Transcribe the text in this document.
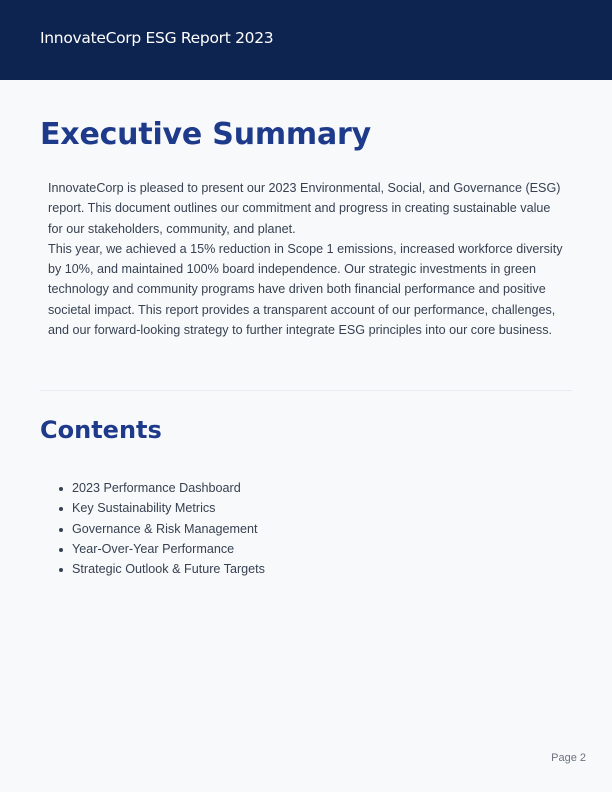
InnovateCorp ESG Report 2023
Executive Summary

InnovateCorp is pleased to present our 2023 Environmental, Social, and Governance (ESG) report. This document outlines our commitment and progress in creating sustainable value for our stakeholders, community, and planet.

This year, we achieved a 15% reduction in Scope 1 emissions, increased workforce diversity by 10%, and maintained 100% board independence. Our strategic investments in green technology and community programs have driven both financial performance and positive societal impact. This report provides a transparent account of our performance, challenges, and our forward-looking strategy to further integrate ESG principles into our core business.

Contents
2023 Performance Dashboard
Key Sustainability Metrics
Governance & Risk Management
Year-Over-Year Performance
Strategic Outlook & Future Targets
Page 2
